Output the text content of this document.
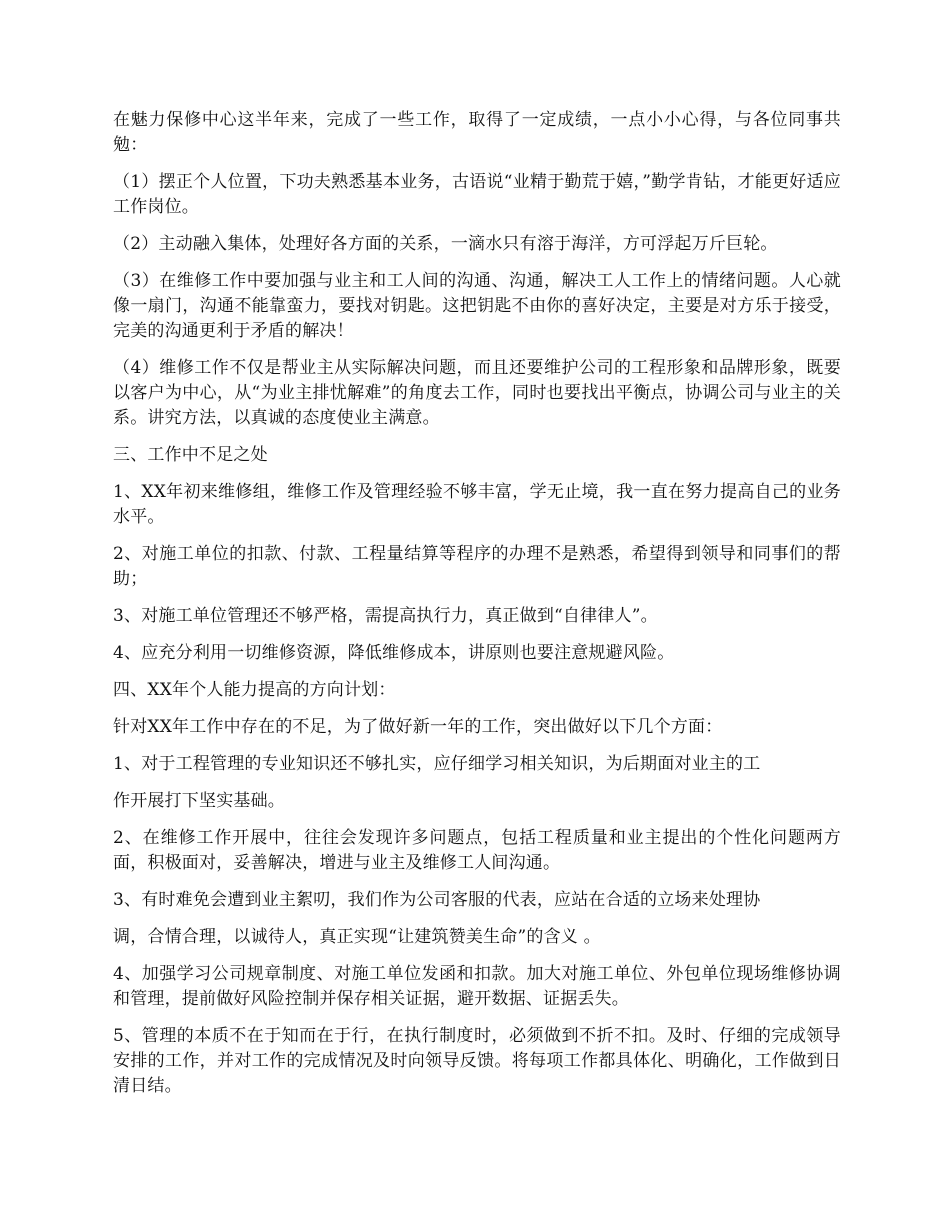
在魅力保修中心这半年来，完成了一些工作，取得了一定成绩，一点小小心得，与各位同事共勉：

（1）摆正个人位置，下功夫熟悉基本业务，古语说“业精于勤荒于嬉，”勤学肯钻，才能更好适应工作岗位。

（2）主动融入集体，处理好各方面的关系，一滴水只有溶于海洋，方可浮起万斤巨轮。

（3）在维修工作中要加强与业主和工人间的沟通、沟通，解决工人工作上的情绪问题。人心就像一扇门，沟通不能靠蛮力，要找对钥匙。这把钥匙不由你的喜好决定，主要是对方乐于接受，完美的沟通更利于矛盾的解决！

（4）维修工作不仅是帮业主从实际解决问题，而且还要维护公司的工程形象和品牌形象，既要以客户为中心，从“为业主排忧解难”的角度去工作，同时也要找出平衡点，协调公司与业主的关系。讲究方法，以真诚的态度使业主满意。

三、工作中不足之处

1、XX年初来维修组，维修工作及管理经验不够丰富，学无止境，我一直在努力提高自己的业务水平。

2、对施工单位的扣款、付款、工程量结算等程序的办理不是熟悉，希望得到领导和同事们的帮助；

3、对施工单位管理还不够严格，需提高执行力，真正做到“自律律人”。

4、应充分利用一切维修资源，降低维修成本，讲原则也要注意规避风险。

四、XX年个人能力提高的方向计划：

针对XX年工作中存在的不足，为了做好新一年的工作，突出做好以下几个方面：

1、对于工程管理的专业知识还不够扎实，应仔细学习相关知识，为后期面对业主的工

作开展打下坚实基础。

2、在维修工作开展中，往往会发现许多问题点，包括工程质量和业主提出的个性化问题两方面，积极面对，妥善解决，增进与业主及维修工人间沟通。

3、有时难免会遭到业主絮叨，我们作为公司客服的代表，应站在合适的立场来处理协

调，合情合理，以诚待人，真正实现“让建筑赞美生命”的含义 。

4、加强学习公司规章制度、对施工单位发函和扣款。加大对施工单位、外包单位现场维修协调和管理，提前做好风险控制并保存相关证据，避开数据、证据丢失。

5、管理的本质不在于知而在于行，在执行制度时，必须做到不折不扣。及时、仔细的完成领导安排的工作，并对工作的完成情况及时向领导反馈。将每项工作都具体化、明确化，工作做到日清日结。
